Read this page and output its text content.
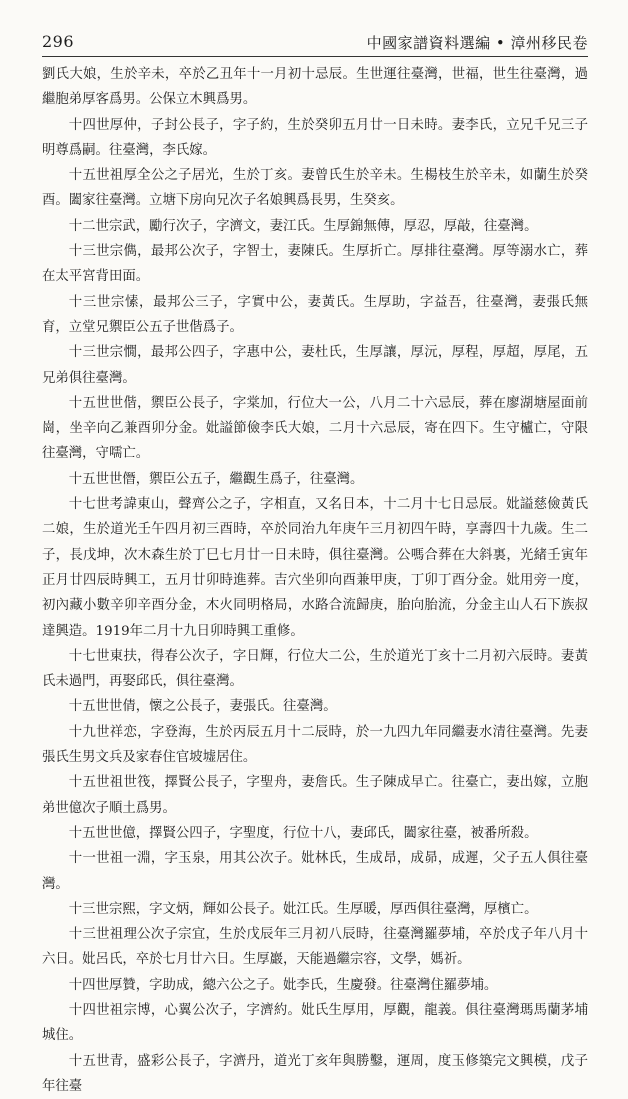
296	中國家譜資料選編 • 漳州移民卷

劉氏大娘，生於辛未，卒於乙丑年十一月初十忌辰。生世運往臺灣，世福，世生往臺灣，過繼胞弟厚客爲男。公保立木興爲男。

十四世厚仲，子封公長子，字子約，生於癸卯五月廿一日未時。妻李氏，立兄千兄三子明尊爲嗣。往臺灣，李氏嫁。

十五世祖厚全公之子居光，生於丁亥。妻曾氏生於辛未。生楊枝生於辛未，如蘭生於癸酉。闔家往臺灣。立塘下房向兄次子名娘興爲長男，生癸亥。

十二世宗武，勵行次子，字濟文，妻江氏。生厚錦無傳，厚忍，厚敲，往臺灣。

十三世宗儁，最邦公次子，字智士，妻陳氏。生厚折亡。厚排往臺灣。厚等溺水亡，葬在太平宮背田面。

十三世宗愫，最邦公三子，字實中公，妻黃氏。生厚助，字益吾，往臺灣，妻張氏無育，立堂兄禦臣公五子世偕爲子。

十三世宗憪，最邦公四子，字惠中公，妻杜氏，生厚讓，厚沅，厚程，厚超，厚尾，五兄弟俱往臺灣。

十五世世偕，禦臣公長子，字棠加，行位大一公，八月二十六忌辰，葬在廖湖塘屋面前崗，坐辛向乙兼酉卯分金。妣謚節儉李氏大娘，二月十六忌辰，寄在四下。生守櫨亡，守限往臺灣，守嚅亡。

十五世世僭，禦臣公五子，繼觀生爲子，往臺灣。

十七世考諱東山，聲齊公之子，字相直，又名日本，十二月十七日忌辰。妣謚慈儉黃氏二娘，生於道光壬午四月初三酉時，卒於同治九年庚午三月初四午時，享壽四十九歲。生二子，長戊坤，次木森生於丁巳七月廿一日未時，俱往臺灣。公嗎合葬在大斜裏，光緒壬寅年正月廿四辰時興工，五月廿卯時進葬。吉穴坐卯向酉兼甲庚，丁卯丁酉分金。妣用旁一度，初內藏小數辛卯辛酉分金，木火同明格局，水路合流歸庚，胎向胎流，分金主山人石下族叔達興造。1919年二月十九日卯時興工重修。

十七世東扶，得春公次子，字日輝，行位大二公，生於道光丁亥十二月初六辰時。妻黃氏未過門，再娶邱氏，俱往臺灣。

十五世世倩，懷之公長子，妻張氏。往臺灣。

十九世祥恋，字登海，生於丙辰五月十二辰時，於一九四九年同繼妻水清往臺灣。先妻張氏生男文兵及家春住官坡墟居住。

十五世祖世筏，擇賢公長子，字聖舟，妻詹氏。生子陳成早亡。往臺亡，妻出嫁，立胞弟世億次子順土爲男。

十五世世億，擇賢公四子，字聖度，行位十八，妻邱氏，闔家往臺，被番所殺。

十一世祖一淵，字玉泉，用其公次子。妣林氏，生成昂，成昴，成遲，父子五人俱往臺灣。

十三世宗熙，字文炳，輝如公長子。妣江氏。生厚暖，厚西俱往臺灣，厚檳亡。

十三世祖理公次子宗宜，生於戊辰年三月初八辰時，往臺灣羅夢埔，卒於戊子年八月十六日。妣呂氏，卒於七月廿六日。生厚巖，天能過繼宗容，文學，媽祈。

十四世厚贊，字助成，總六公之子。妣李氏，生慶發。往臺灣住羅夢埔。

十四世祖宗博，心翼公次子，字濟約。妣氏生厚用，厚觀，龍義。俱往臺灣瑪馬蘭茅埔城住。

十五世青，盛彩公長子，字濟丹，道光丁亥年與勝鑿，運周，度玉修築完文興模，戊子年往臺
